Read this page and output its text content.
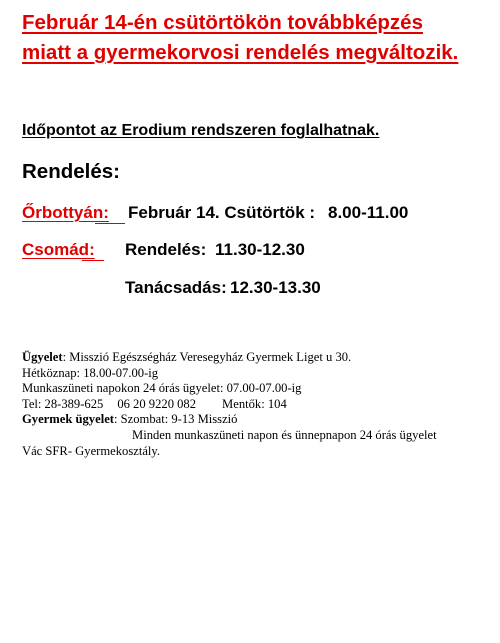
Február 14-én csütörtökön továbbképzés
miatt a gyermekorvosi rendelés megváltozik.
Időpontot az Erodium rendszeren foglalhatnak.
Rendelés:
Őrbottyán: Február 14. Csütörtök : 8.00-11.00
Csomád: Rendelés: 11.30-12.30
Tanácsadás: 12.30-13.30
Ügyelet: Misszió Egészségház Veresegyház Gyermek Liget u 30.
Hétköznap: 18.00-07.00-ig
Munkaszüneti napokon 24 órás ügyelet: 07.00-07.00-ig
Tel: 28-389-625 06 20 9220 082 Mentők: 104
Gyermek ügyelet: Szombat: 9-13 Misszió
Minden munkaszüneti napon és ünnepnapon 24 órás ügyelet
Vác SFR- Gyermekosztály.
